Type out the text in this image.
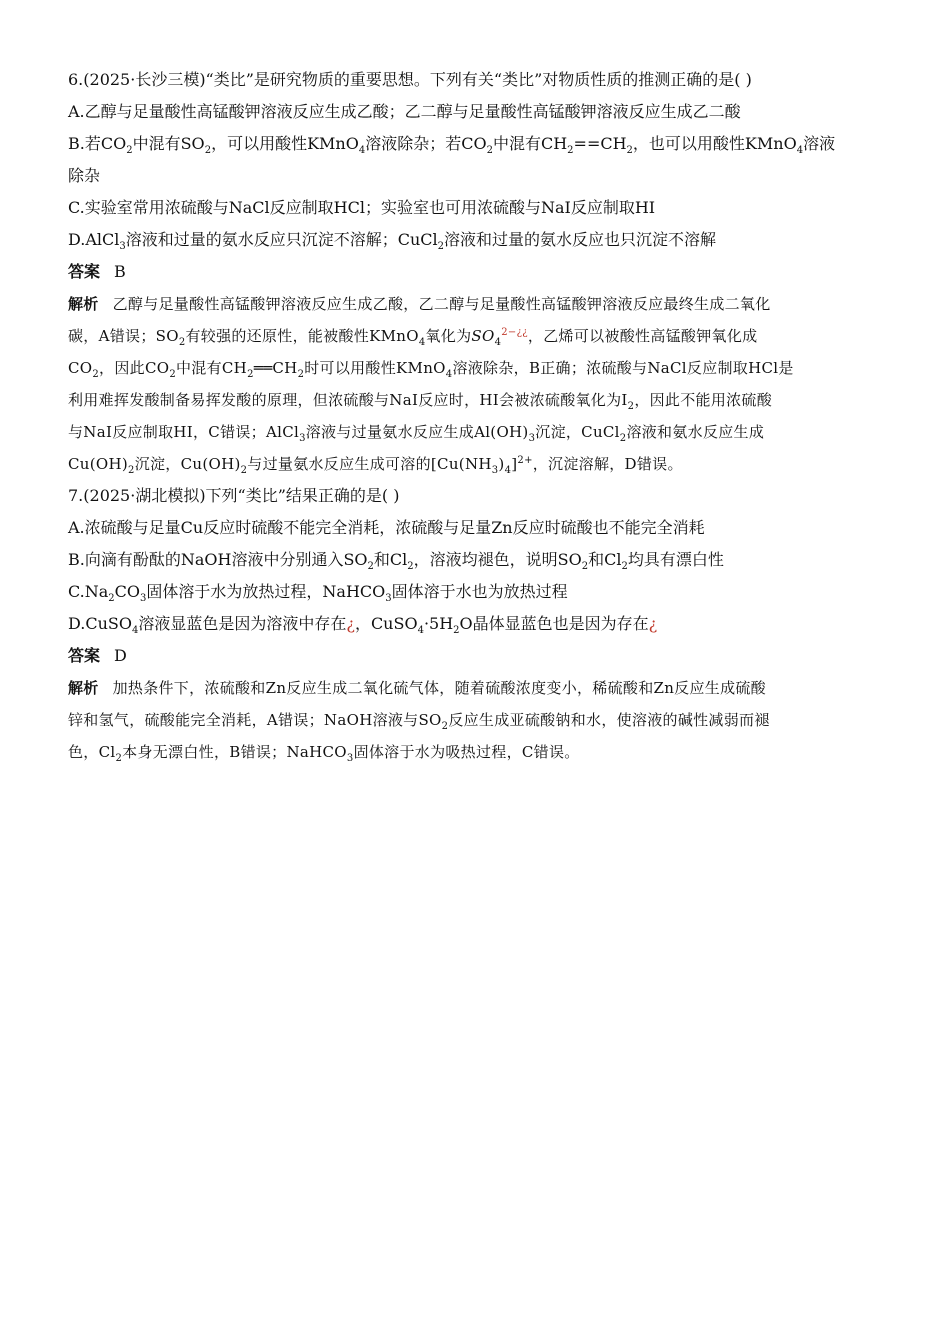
6.(2025·长沙三模)“类比”是研究物质的重要思想。下列有关“类比”对物质性质的推测正确的是( )
A.乙醇与足量酸性高锰酸钾溶液反应生成乙酸；乙二醇与足量酸性高锰酸钾溶液反应生成乙二酸
B.若$CO_2$中混有$SO_2$，可以用酸性KMnO$_4$溶液除杂；若$CO_2$中混有$CH_2==CH_2$，也可以用酸性KMnO$_4$溶液
除杂
C.实验室常用浓硫酸与NaCl反应制取HCl；实验室也可用浓硫酸与NaI反应制取HI
D.AlCl$_3$溶液和过量的氨水反应只沉淀不溶解；CuCl$_2$溶液和过量的氨水反应也只沉淀不溶解
答案 B
解析 乙醇与足量酸性高锰酸钾溶液反应生成乙酸，乙二醇与足量酸性高锰酸钾溶液反应最终生成二氧化
碳，A错误；$SO_2$有较强的还原性，能被酸性KMnO$_4$氧化为$SO_4^{2-¿¿}$，乙烯可以被酸性高锰酸钾氧化成
$CO_2$，因此$CO_2$中混有$CH_2══CH_2$时可以用酸性KMnO$_4$溶液除杂，B正确；浓硫酸与NaCl反应制取HCl是
利用难挥发酸制备易挥发酸的原理，但浓硫酸与NaI反应时，HI会被浓硫酸氧化为$I_2$，因此不能用浓硫酸
与NaI反应制取HI，C错误；AlCl$_3$溶液与过量氨水反应生成$Al(OH)_3$沉淀，CuCl$_2$溶液和氨水反应生成
$Cu(OH)_2$沉淀，$Cu(OH)_2$与过量氨水反应生成可溶的$[Cu(NH_3)_4]^{2+}$，沉淀溶解，D错误。
7.(2025·湖北模拟)下列“类比”结果正确的是( )
A.浓硫酸与足量Cu反应时硫酸不能完全消耗，浓硫酸与足量Zn反应时硫酸也不能完全消耗
B.向滴有酚酞的NaOH溶液中分别通入$SO_2$和$Cl_2$，溶液均褪色，说明$SO_2$和$Cl_2$均具有漂白性
$C.Na_2CO_3$固体溶于水为放热过程，NaHCO$_3$固体溶于水也为放热过程
D.CuSO$_4$溶液显蓝色是因为溶液中存在¿，$CuSO_4\cdot 5H_2O$晶体显蓝色也是因为存在¿
答案 D
解析 加热条件下，浓硫酸和Zn反应生成二氧化硫气体，随着硫酸浓度变小，稀硫酸和Zn反应生成硫酸
锌和氢气，硫酸能完全消耗，A错误；NaOH溶液与$SO_2$反应生成亚硫酸钠和水，使溶液的碱性减弱而褪
色，$Cl_2$本身无漂白性，B错误；NaHCO$_3$固体溶于水为吸热过程，C错误。
